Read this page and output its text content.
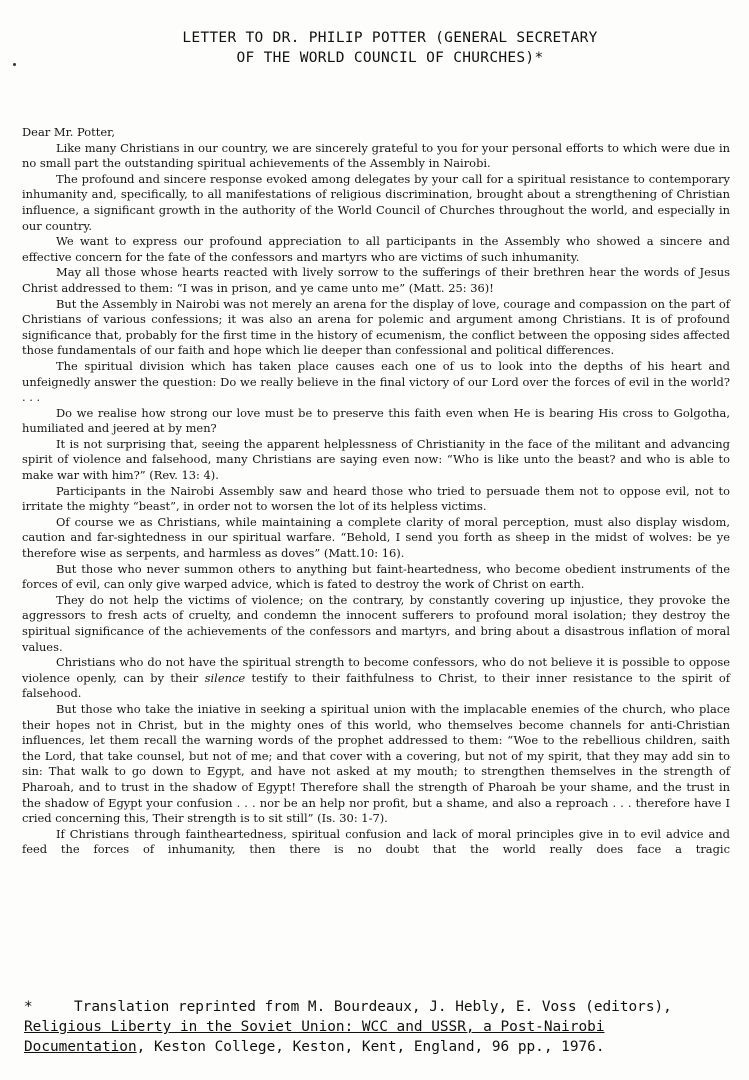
LETTER TO DR. PHILIP POTTER (GENERAL SECRETARY
OF THE WORLD COUNCIL OF CHURCHES)*

Dear Mr. Potter,

Like many Christians in our country, we are sincerely grateful to you for your personal efforts to which were due in no small part the outstanding spiritual achievements of the Assembly in Nairobi.

The profound and sincere response evoked among delegates by your call for a spiritual resistance to contemporary inhumanity and, specifically, to all manifestations of religious discrimination, brought about a strengthening of Christian influence, a significant growth in the authority of the World Council of Churches throughout the world, and especially in our country.

We want to express our profound appreciation to all participants in the Assembly who showed a sincere and effective concern for the fate of the confessors and martyrs who are victims of such inhumanity.

May all those whose hearts reacted with lively sorrow to the sufferings of their brethren hear the words of Jesus Christ addressed to them: “I was in prison, and ye came unto me” (Matt. 25: 36)!

But the Assembly in Nairobi was not merely an arena for the display of love, courage and compassion on the part of Christians of various confessions; it was also an arena for polemic and argument among Christians. It is of profound significance that, probably for the first time in the history of ecumenism, the conflict between the opposing sides affected those fundamentals of our faith and hope which lie deeper than confessional and political differences.

The spiritual division which has taken place causes each one of us to look into the depths of his heart and unfeignedly answer the question: Do we really believe in the final victory of our Lord over the forces of evil in the world? . . .

Do we realise how strong our love must be to preserve this faith even when He is bearing His cross to Golgotha, humiliated and jeered at by men?

It is not surprising that, seeing the apparent helplessness of Christianity in the face of the militant and advancing spirit of violence and falsehood, many Christians are saying even now: “Who is like unto the beast? and who is able to make war with him?” (Rev. 13: 4).

Participants in the Nairobi Assembly saw and heard those who tried to persuade them not to oppose evil, not to irritate the mighty “beast”, in order not to worsen the lot of its helpless victims.

Of course we as Christians, while maintaining a complete clarity of moral perception, must also display wisdom, caution and far-sightedness in our spiritual warfare. “Behold, I send you forth as sheep in the midst of wolves: be ye therefore wise as serpents, and harmless as doves” (Matt.10: 16).

But those who never summon others to anything but faint-heartedness, who become obedient instruments of the forces of evil, can only give warped advice, which is fated to destroy the work of Christ on earth.

They do not help the victims of violence; on the contrary, by constantly covering up injustice, they provoke the aggressors to fresh acts of cruelty, and condemn the innocent sufferers to profound moral isolation; they destroy the spiritual significance of the achievements of the confessors and martyrs, and bring about a disastrous inflation of moral values.

Christians who do not have the spiritual strength to become confessors, who do not believe it is possible to oppose violence openly, can by their silence testify to their faithfulness to Christ, to their inner resistance to the spirit of falsehood.

But those who take the iniative in seeking a spiritual union with the implacable enemies of the church, who place their hopes not in Christ, but in the mighty ones of this world, who themselves become channels for anti-Christian influences, let them recall the warning words of the prophet addressed to them: “Woe to the rebellious children, saith the Lord, that take counsel, but not of me; and that cover with a covering, but not of my spirit, that they may add sin to sin: That walk to go down to Egypt, and have not asked at my mouth; to strengthen themselves in the strength of Pharoah, and to trust in the shadow of Egypt! Therefore shall the strength of Pharoah be your shame, and the trust in the shadow of Egypt your confusion . . . nor be an help nor profit, but a shame, and also a reproach . . . therefore have I cried concerning this, Their strength is to sit still” (Is. 30: 1-7).

If Christians through faintheartedness, spiritual confusion and lack of moral principles give in to evil advice and feed the forces of inhumanity, then there is no doubt that the world really does face a tragic

*	Translation reprinted from M. Bourdeaux, J. Hebly, E. Voss (editors),
Religious Liberty in the Soviet Union: WCC and USSR, a Post-Nairobi
Documentation, Keston College, Keston, Kent, England, 96 pp., 1976.
